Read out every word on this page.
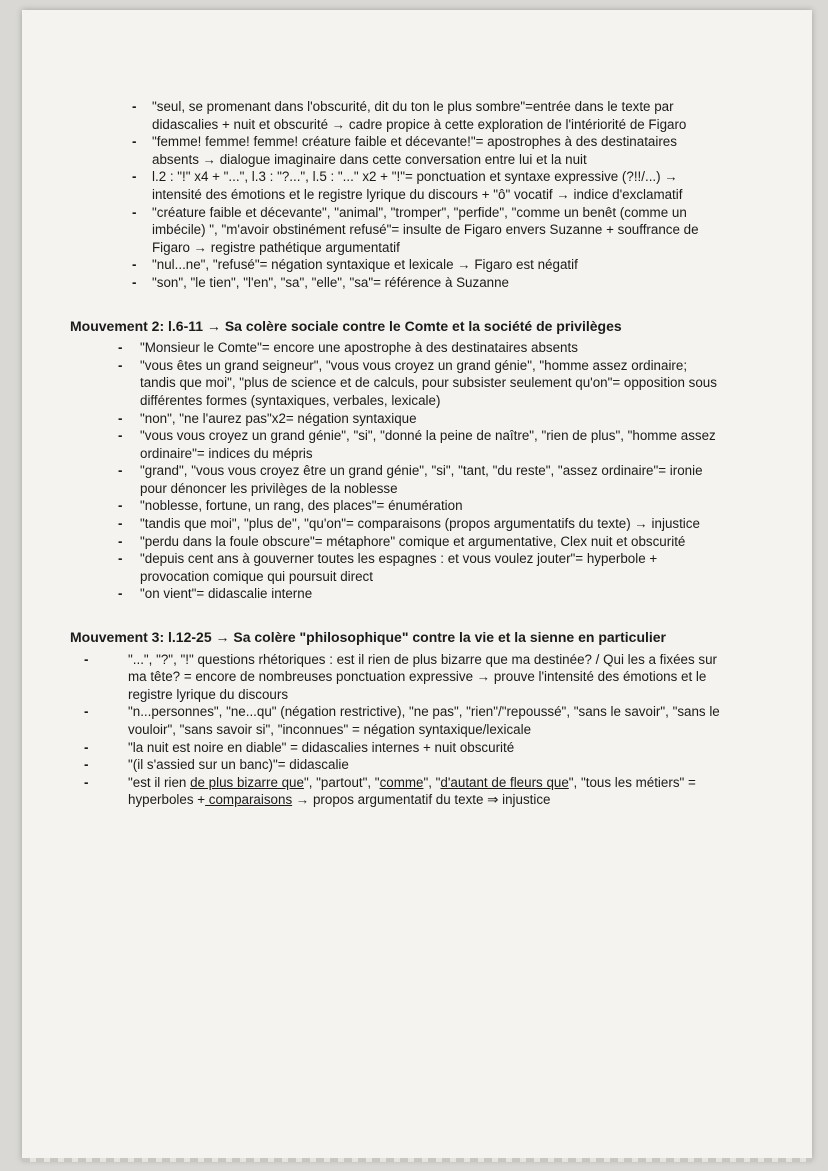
- "seul, se promenant dans l'obscurité, dit du ton le plus sombre"=entrée dans le texte par didascalies + nuit et obscurité → cadre propice à cette exploration de l'intériorité de Figaro
- "femme! femme! femme! créature faible et décevante!"= apostrophes à des destinataires absents → dialogue imaginaire dans cette conversation entre lui et la nuit
- l.2 : "!" x4 + "...", l.3 : "?...", l.5 : "..." x2 + "!"= ponctuation et syntaxe expressive (?!!/...) → intensité des émotions et le registre lyrique du discours + "ô" vocatif → indice d'exclamatif
- "créature faible et décevante", "animal", "tromper", "perfide", "comme un benêt (comme un imbécile) ", "m'avoir obstinément refusé"= insulte de Figaro envers Suzanne + souffrance de Figaro → registre pathétique argumentatif
- "nul...ne", "refusé"= négation syntaxique et lexicale → Figaro est négatif
- "son", "le tien", "l'en", "sa", "elle", "sa"= référence à Suzanne
Mouvement 2: l.6-11 → Sa colère sociale contre le Comte et la société de privilèges
- "Monsieur le Comte"= encore une apostrophe à des destinataires absents
- "vous êtes un grand seigneur", "vous vous croyez un grand génie", "homme assez ordinaire; tandis que moi", "plus de science et de calculs, pour subsister seulement qu'on"= opposition sous différentes formes (syntaxiques, verbales, lexicale)
- "non", "ne l'aurez pas"x2= négation syntaxique
- "vous vous croyez un grand génie", "si", "donné la peine de naître", "rien de plus", "homme assez ordinaire"= indices du mépris
- "grand", "vous vous croyez être un grand génie", "si", "tant, "du reste", "assez ordinaire"= ironie pour dénoncer les privilèges de la noblesse
- "noblesse, fortune, un rang, des places"= énumération
- "tandis que moi", "plus de", "qu'on"= comparaisons (propos argumentatifs du texte) → injustice
- "perdu dans la foule obscure"= métaphore" comique et argumentative, Clex nuit et obscurité
- "depuis cent ans à gouverner toutes les espagnes : et vous voulez jouter"= hyperbole + provocation comique qui poursuit direct
- "on vient"= didascalie interne
Mouvement 3: l.12-25 → Sa colère "philosophique" contre la vie et la sienne en particulier
- "...", "?", "!" questions rhétoriques : est il rien de plus bizarre que ma destinée? / Qui les a fixées sur ma tête? = encore de nombreuses ponctuation expressive → prouve l'intensité des émotions et le registre lyrique du discours
- "n...personnes", "ne...qu" (négation restrictive), "ne pas", "rien"/"repoussé", "sans le savoir", "sans le vouloir", "sans savoir si", "inconnues" = négation syntaxique/lexicale
- "la nuit est noire en diable" = didascalies internes + nuit obscurité
- "(il s'assied sur un banc)"= didascalie
- "est il rien de plus bizarre que", "partout", "comme", "d'autant de fleurs que", "tous les métiers" = hyperboles + comparaisons → propos argumentatif du texte ⇒ injustice
